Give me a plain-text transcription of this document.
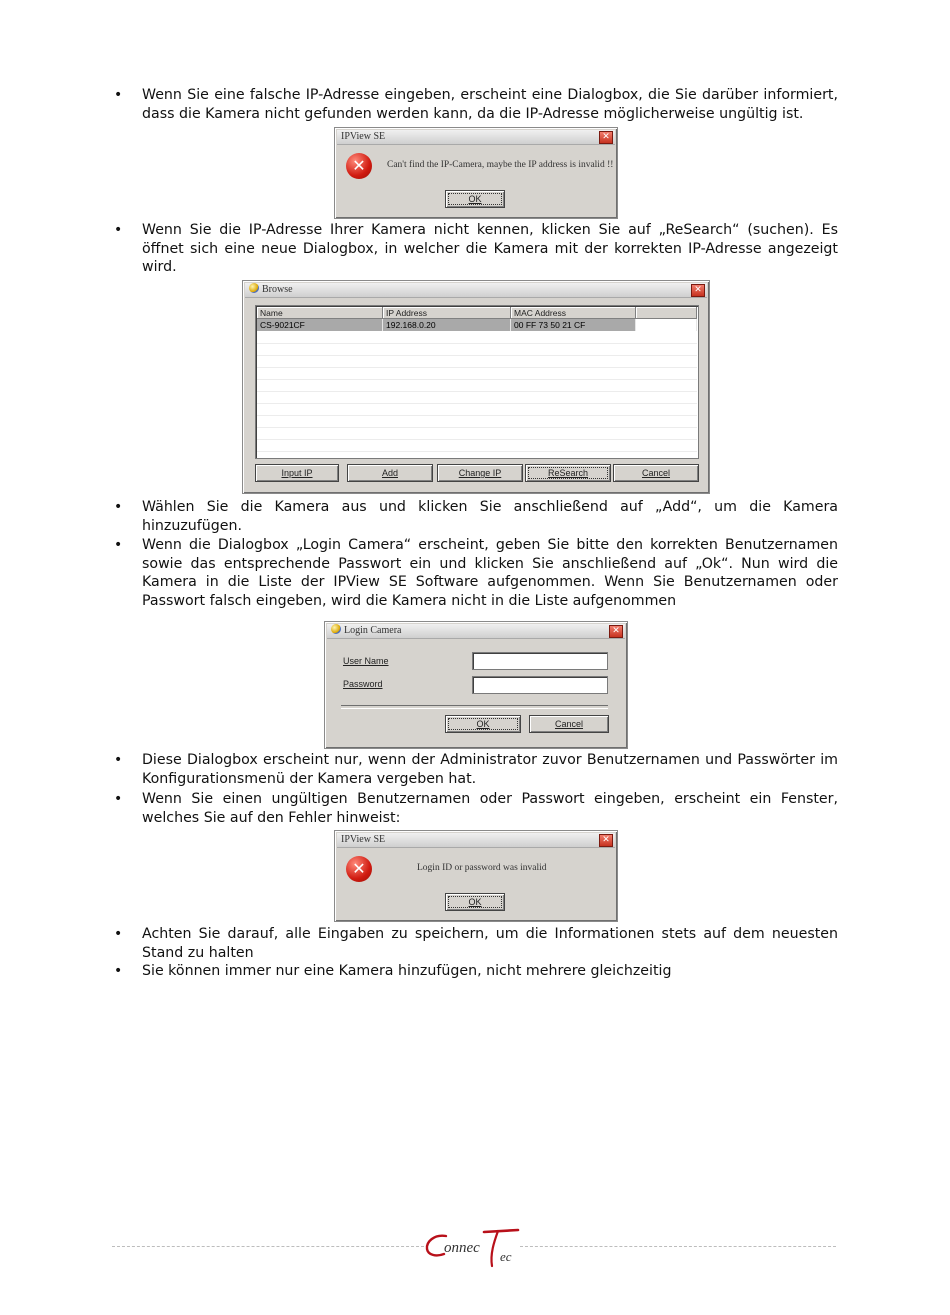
• Wenn Sie eine falsche IP-Adresse eingeben, erscheint eine Dialogbox, die Sie darüber informiert, dass die Kamera nicht gefunden werden kann, da die IP-Adresse möglicherweise ungültig ist.
IPView SE	✕
✕	Can't find the IP-Camera, maybe the IP address is invalid !!
OK
• Wenn Sie die IP-Adresse Ihrer Kamera nicht kennen, klicken Sie auf „ReSearch“ (suchen). Es öffnet sich eine neue Dialogbox, in welcher die Kamera mit der korrekten IP-Adresse angezeigt wird.
Browse	✕
Name	IP Address	MAC Address
CS-9021CF	192.168.0.20	00 FF 73 50 21 CF
Input IP	Add	Change IP	ReSearch	Cancel
• Wählen Sie die Kamera aus und klicken Sie anschließend auf „Add“, um die Kamera hinzuzufügen.
• Wenn die Dialogbox „Login Camera“ erscheint, geben Sie bitte den korrekten Benutzernamen sowie das entsprechende Passwort ein und klicken Sie anschließend auf „Ok“. Nun wird die Kamera in die Liste der IPView SE Software aufgenommen. Wenn Sie Benutzernamen oder Passwort falsch eingeben, wird die Kamera nicht in die Liste aufgenommen
Login Camera	✕
User Name
Password
OK	Cancel
• Diese Dialogbox erscheint nur, wenn der Administrator zuvor Benutzernamen und Passwörter im Konfigurationsmenü der Kamera vergeben hat.
• Wenn Sie einen ungültigen Benutzernamen oder Passwort eingeben, erscheint ein Fenster, welches Sie auf den Fehler hinweist:
IPView SE	✕
✕	Login ID or password was invalid
OK
• Achten Sie darauf, alle Eingaben zu speichern, um die Informationen stets auf dem neuesten Stand zu halten
• Sie können immer nur eine Kamera hinzufügen, nicht mehrere gleichzeitig
onnec
ec
